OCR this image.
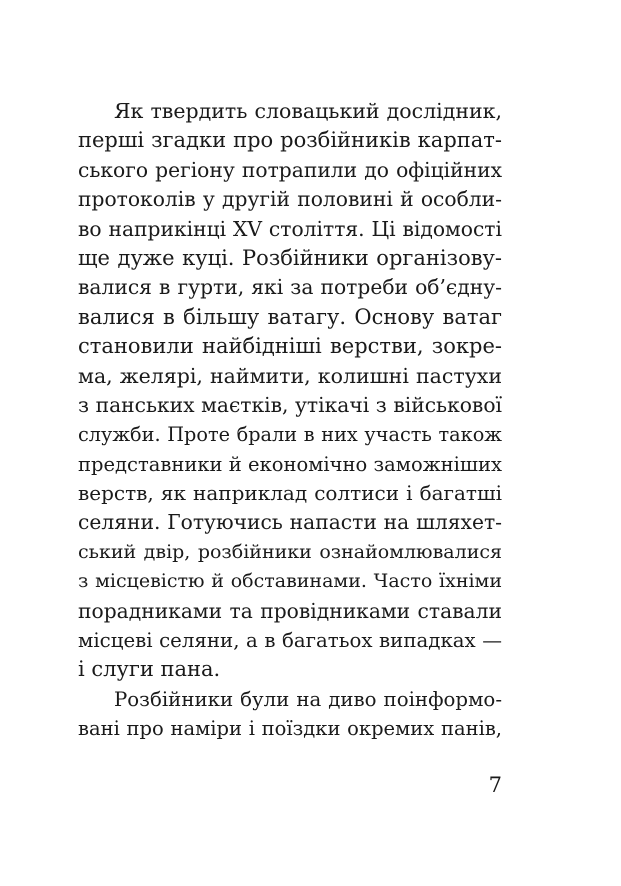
Як твердить словацький дослідник,
перші згадки про розбійників карпат-
ського регіону потрапили до офіційних
протоколів у другій половині й особли-
во наприкінці XV століття. Ці відомості
ще дуже куці. Розбійники організову-
валися в гурти, які за потреби об’єдну-
валися в більшу ватагу. Основу ватаг
становили найбідніші верстви, зокре-
ма, желярі, наймити, колишні пастухи
з панських маєтків, утікачі з військової
служби. Проте брали в них участь також
представники й економічно заможніших
верств, як наприклад солтиси і багатші
селяни. Готуючись напасти на шляхет-
ський двір, розбійники ознайомлювалися
з місцевістю й обставинами. Часто їхніми
порадниками та провідниками ставали
місцеві селяни, а в багатьох випадках —
і слуги пана.
Розбійники були на диво поінформо-
вані про наміри і поїздки окремих панів,
7
